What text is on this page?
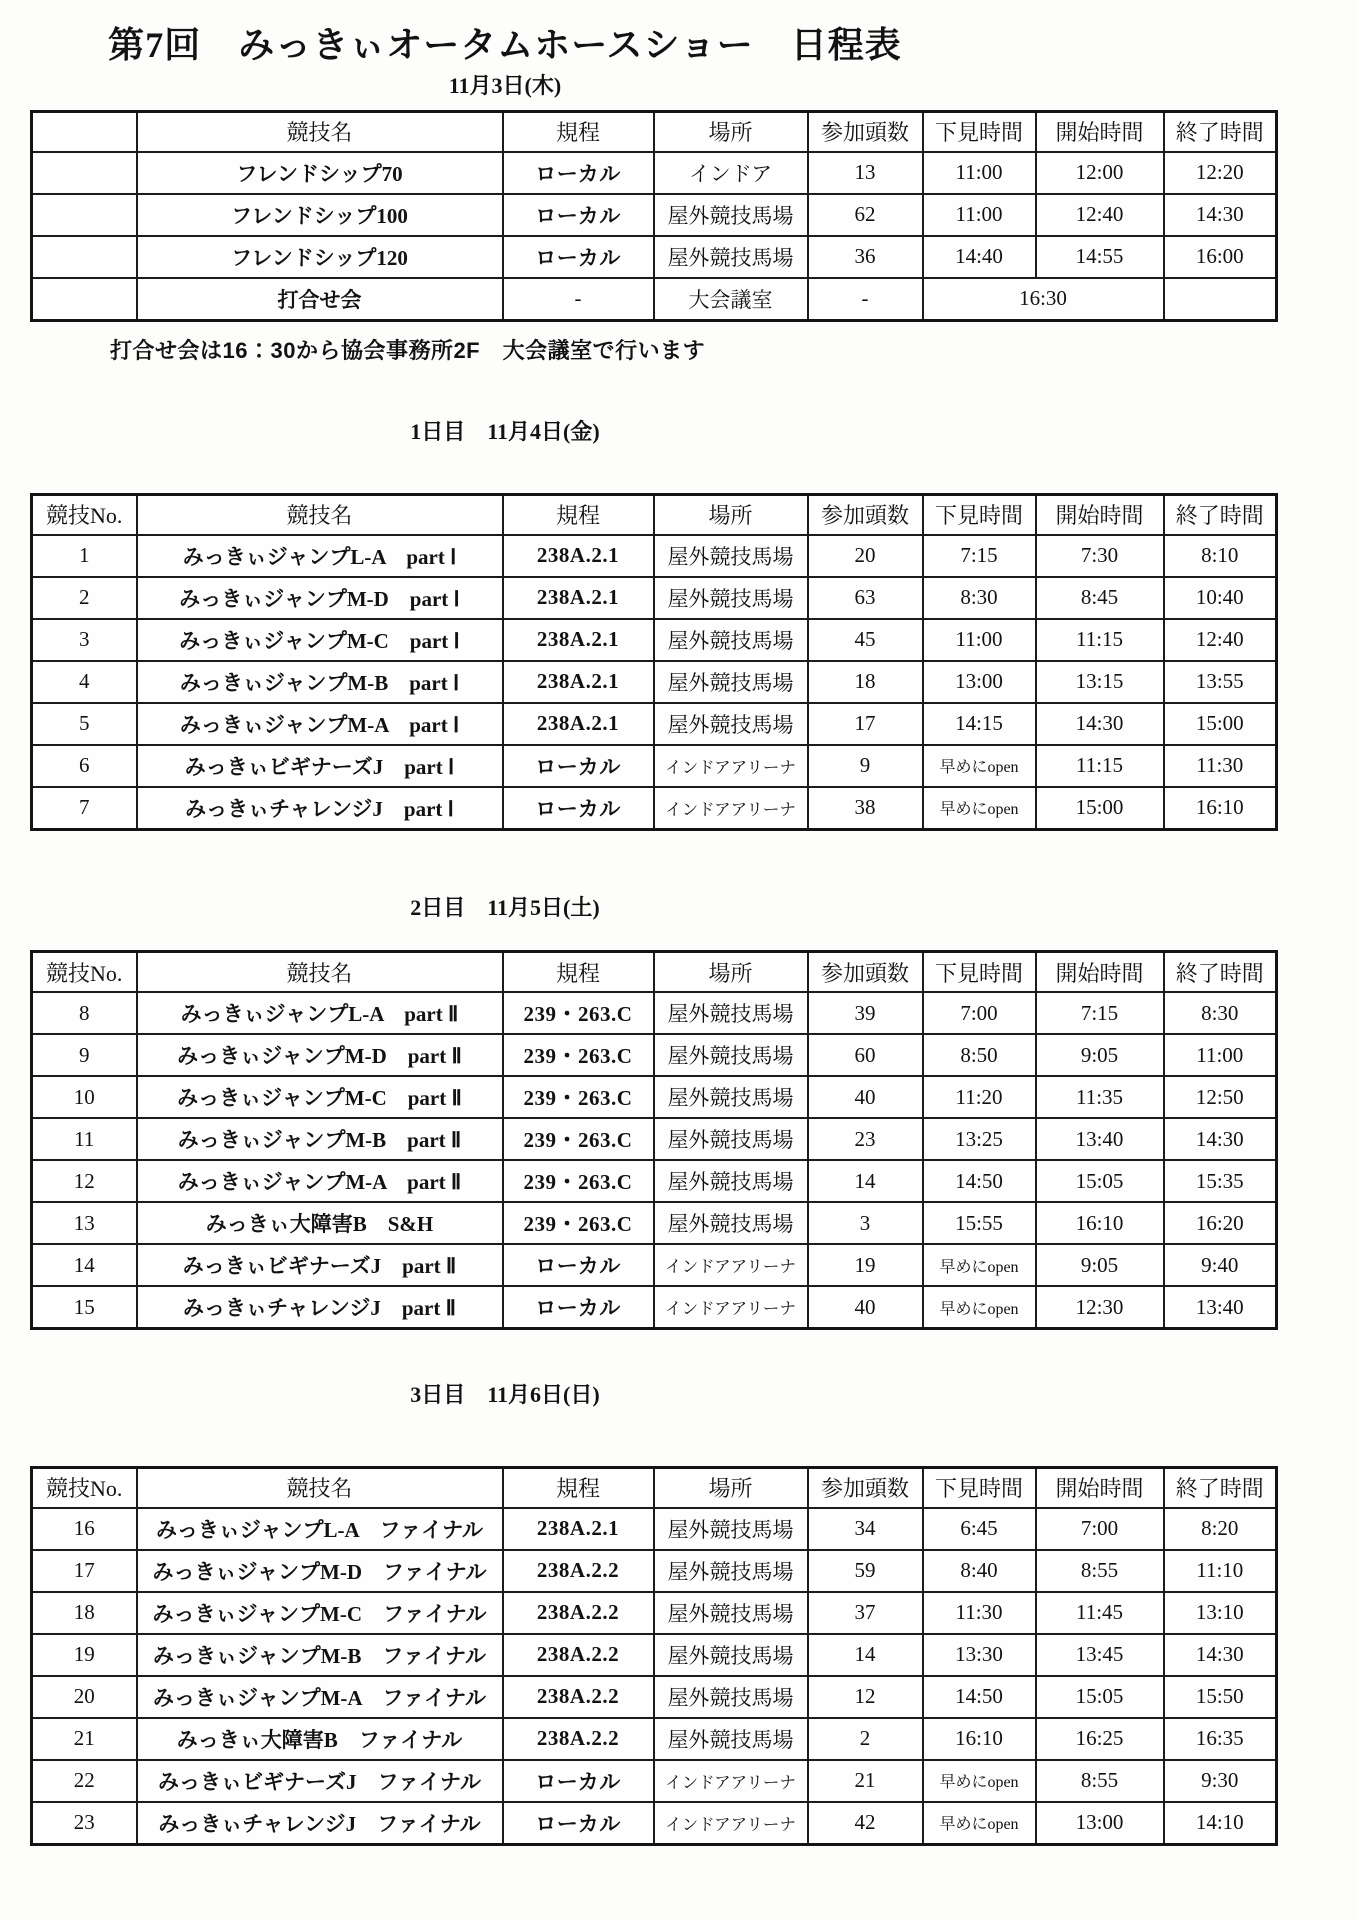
第7回　みっきぃオータムホースショー　日程表
11月3日(木)
	競技名	規程	場所	参加頭数	下見時間	開始時間	終了時間
	フレンドシップ70	ローカル	インドア	13	11:00	12:00	12:20
	フレンドシップ100	ローカル	屋外競技馬場	62	11:00	12:40	14:30
	フレンドシップ120	ローカル	屋外競技馬場	36	14:40	14:55	16:00
	打合せ会	-	大会議室	-	16:30		
打合せ会は16：30から協会事務所2F　大会議室で行います
1日目　11月4日(金)
競技No.	競技名	規程	場所	参加頭数	下見時間	開始時間	終了時間
1	みっきぃジャンプL-A　part Ⅰ	238A.2.1	屋外競技馬場	20	7:15	7:30	8:10
2	みっきぃジャンプM-D　part Ⅰ	238A.2.1	屋外競技馬場	63	8:30	8:45	10:40
3	みっきぃジャンプM-C　part Ⅰ	238A.2.1	屋外競技馬場	45	11:00	11:15	12:40
4	みっきぃジャンプM-B　part Ⅰ	238A.2.1	屋外競技馬場	18	13:00	13:15	13:55
5	みっきぃジャンプM-A　part Ⅰ	238A.2.1	屋外競技馬場	17	14:15	14:30	15:00
6	みっきぃビギナーズJ　part Ⅰ	ローカル	インドアアリーナ	9	早めにopen	11:15	11:30
7	みっきぃチャレンジJ　part Ⅰ	ローカル	インドアアリーナ	38	早めにopen	15:00	16:10
2日目　11月5日(土)
競技No.	競技名	規程	場所	参加頭数	下見時間	開始時間	終了時間
8	みっきぃジャンプL-A　part Ⅱ	239・263.C	屋外競技馬場	39	7:00	7:15	8:30
9	みっきぃジャンプM-D　part Ⅱ	239・263.C	屋外競技馬場	60	8:50	9:05	11:00
10	みっきぃジャンプM-C　part Ⅱ	239・263.C	屋外競技馬場	40	11:20	11:35	12:50
11	みっきぃジャンプM-B　part Ⅱ	239・263.C	屋外競技馬場	23	13:25	13:40	14:30
12	みっきぃジャンプM-A　part Ⅱ	239・263.C	屋外競技馬場	14	14:50	15:05	15:35
13	みっきぃ大障害B　S&H	239・263.C	屋外競技馬場	3	15:55	16:10	16:20
14	みっきぃビギナーズJ　part Ⅱ	ローカル	インドアアリーナ	19	早めにopen	9:05	9:40
15	みっきぃチャレンジJ　part Ⅱ	ローカル	インドアアリーナ	40	早めにopen	12:30	13:40
3日目　11月6日(日)
競技No.	競技名	規程	場所	参加頭数	下見時間	開始時間	終了時間
16	みっきぃジャンプL-A　ファイナル	238A.2.1	屋外競技馬場	34	6:45	7:00	8:20
17	みっきぃジャンプM-D　ファイナル	238A.2.2	屋外競技馬場	59	8:40	8:55	11:10
18	みっきぃジャンプM-C　ファイナル	238A.2.2	屋外競技馬場	37	11:30	11:45	13:10
19	みっきぃジャンプM-B　ファイナル	238A.2.2	屋外競技馬場	14	13:30	13:45	14:30
20	みっきぃジャンプM-A　ファイナル	238A.2.2	屋外競技馬場	12	14:50	15:05	15:50
21	みっきぃ大障害B　ファイナル	238A.2.2	屋外競技馬場	2	16:10	16:25	16:35
22	みっきぃビギナーズJ　ファイナル	ローカル	インドアアリーナ	21	早めにopen	8:55	9:30
23	みっきぃチャレンジJ　ファイナル	ローカル	インドアアリーナ	42	早めにopen	13:00	14:10
